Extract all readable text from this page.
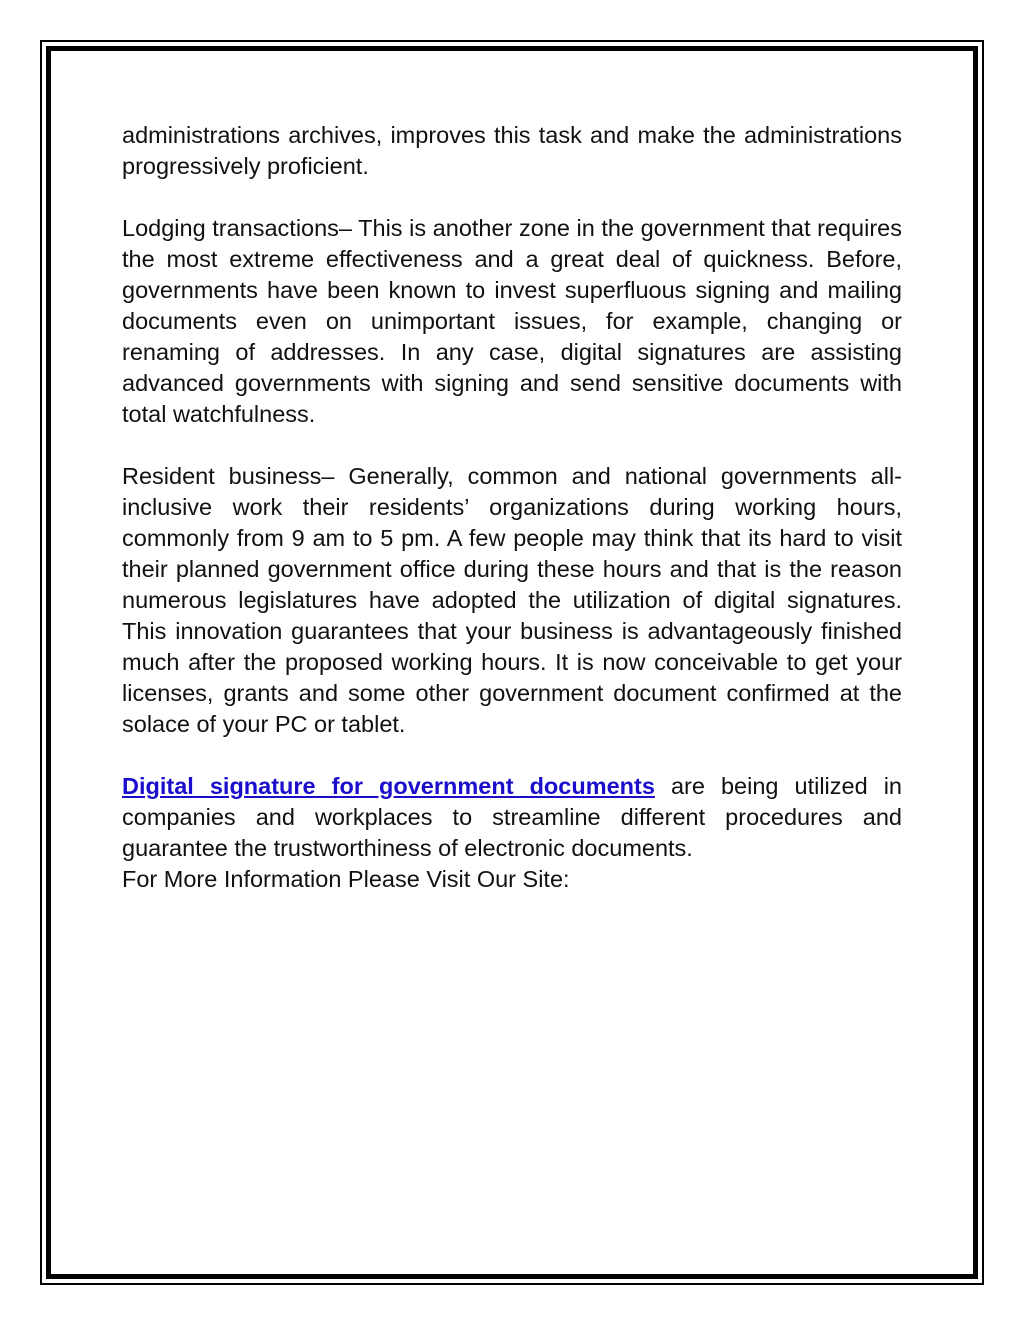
administrations archives, improves this task and make the administrations progressively proficient.

Lodging transactions– This is another zone in the government that requires the most extreme effectiveness and a great deal of quickness. Before, governments have been known to invest superfluous signing and mailing documents even on unimportant issues, for example, changing or renaming of addresses. In any case, digital signatures are assisting advanced governments with signing and send sensitive documents with total watchfulness.

Resident business– Generally, common and national governments all-inclusive work their residents’ organizations during working hours, commonly from 9 am to 5 pm. A few people may think that its hard to visit their planned government office during these hours and that is the reason numerous legislatures have adopted the utilization of digital signatures. This innovation guarantees that your business is advantageously finished much after the proposed working hours. It is now conceivable to get your licenses, grants and some other government document confirmed at the solace of your PC or tablet.

Digital signature for government documents are being utilized in companies and workplaces to streamline different procedures and guarantee the trustworthiness of electronic documents.

For More Information Please Visit Our Site:
